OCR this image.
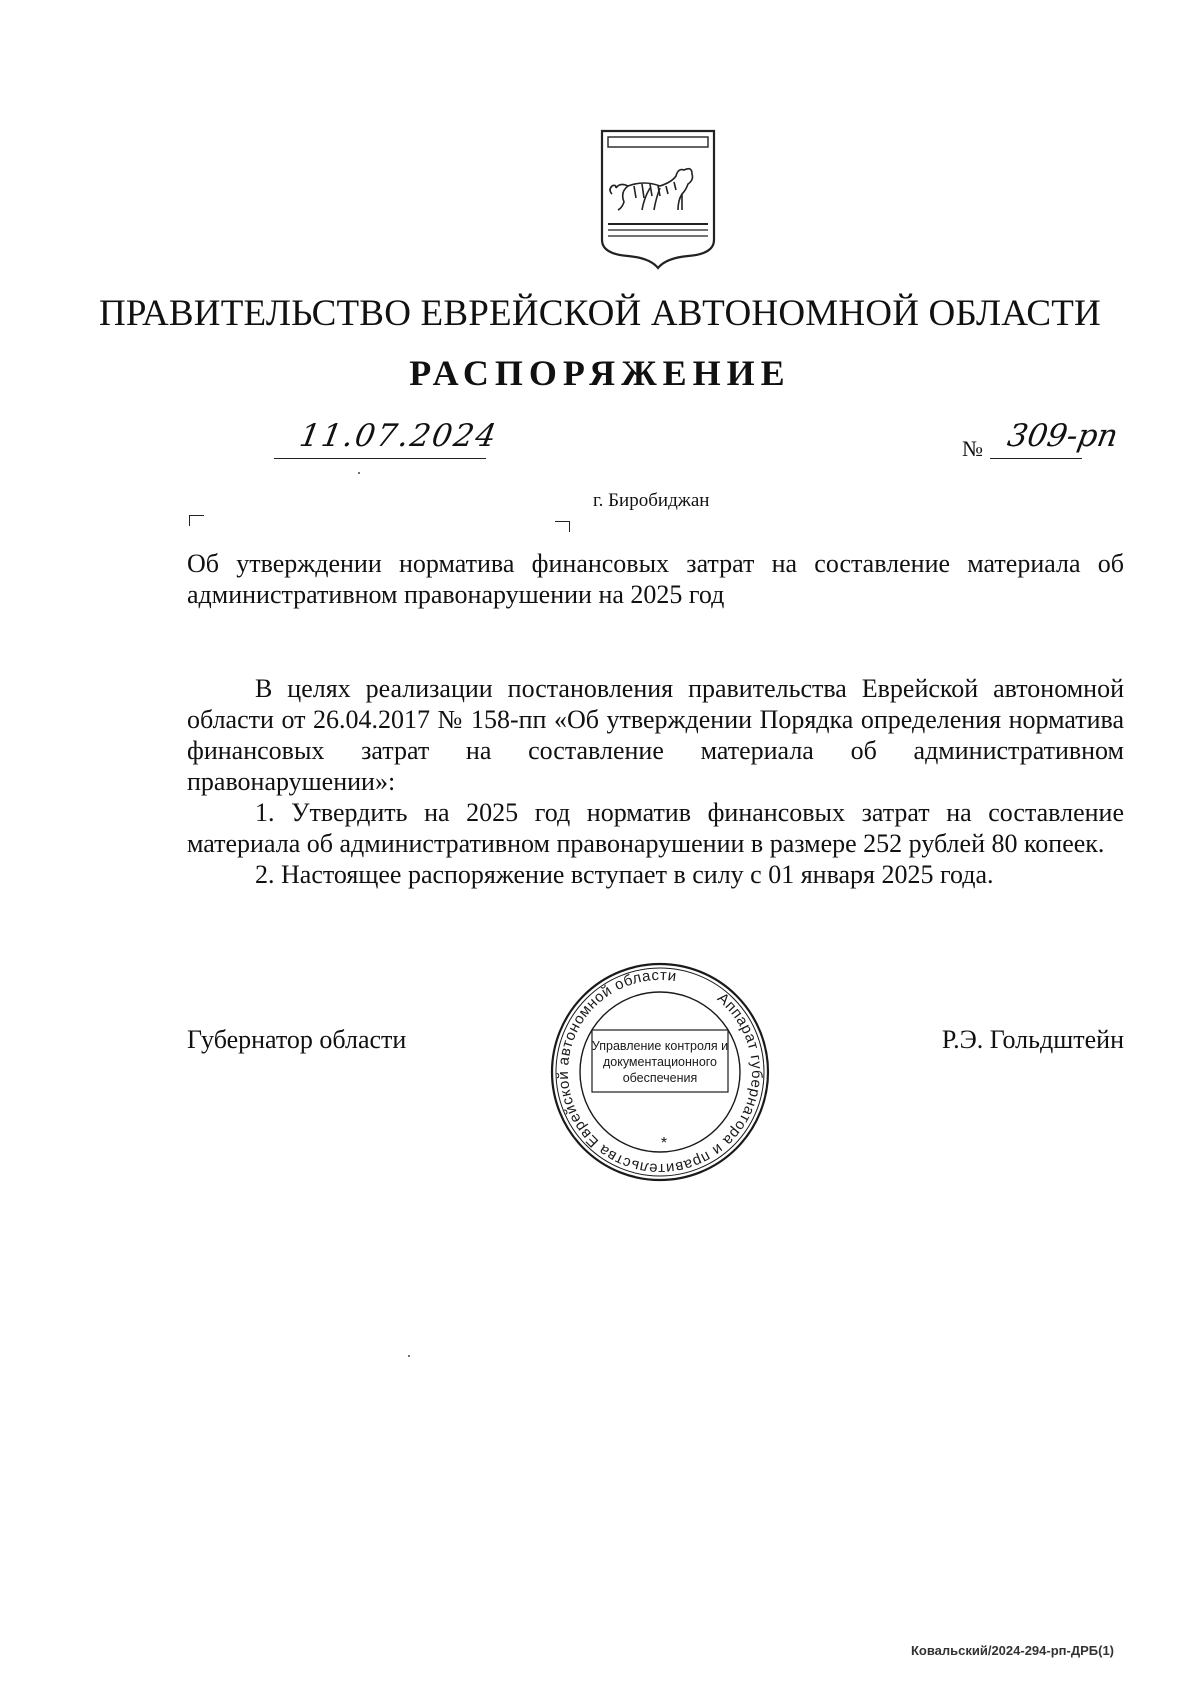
ПРАВИТЕЛЬСТВО ЕВРЕЙСКОЙ АВТОНОМНОЙ ОБЛАСТИ
РАСПОРЯЖЕНИЕ
11.07.2024	№ 309-рп
г. Биробиджан
Об утверждении норматива финансовых затрат на составление материала об административном правонарушении на 2025 год

В целях реализации постановления правительства Еврейской автономной области от 26.04.2017 № 158-пп «Об утверждении Порядка определения норматива финансовых затрат на составление материала об административном правонарушении»:

1. Утвердить на 2025 год норматив финансовых затрат на составление материала об административном правонарушении в размере 252 рублей 80 копеек.

2. Настоящее распоряжение вступает в силу с 01 января 2025 года.

Губернатор области	Р.Э. Гольдштейн
Аппарат губернатора и правительства Еврейской автономной области
Управление контроля и
документационного
обеспечения
*
Ковальский/2024-294-рп-ДРБ(1)
